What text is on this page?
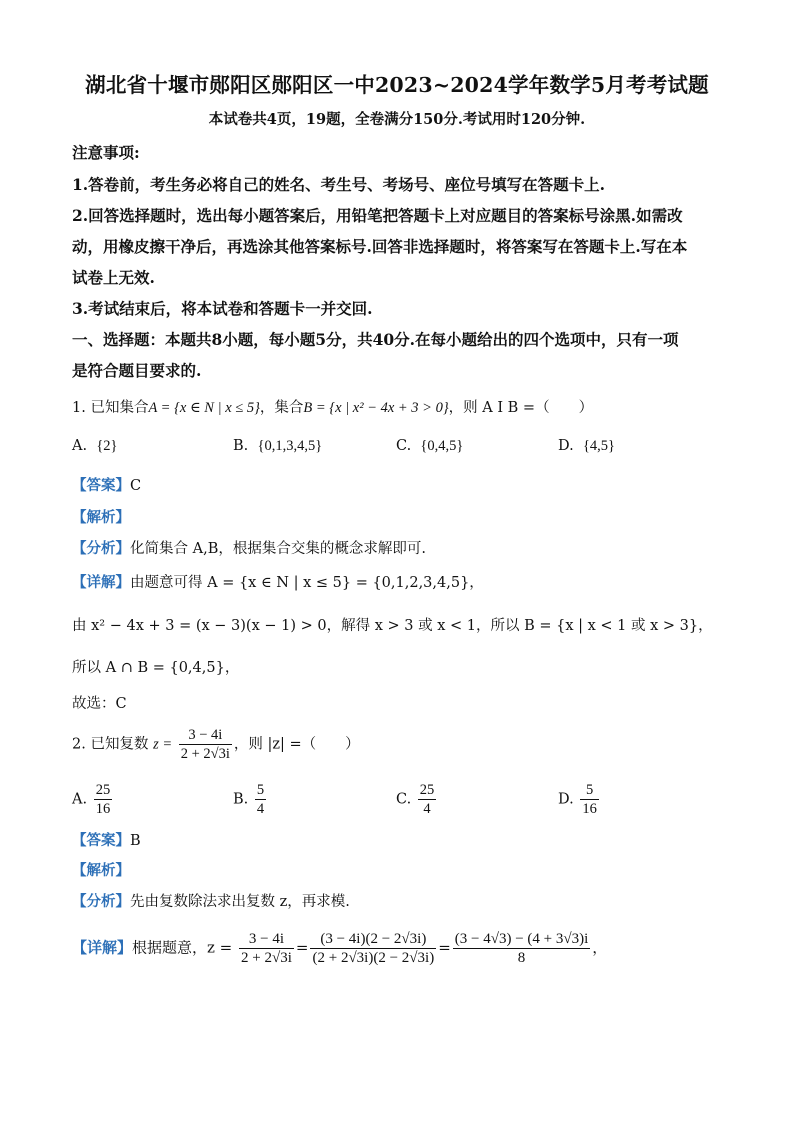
湖北省十堰市郧阳区郧阳区一中2023~2024学年数学5月考考试题
本试卷共4页，19题，全卷满分150分.考试用时120分钟.
注意事项:
1.答卷前，考生务必将自己的姓名、考生号、考场号、座位号填写在答题卡上.
2.回答选择题时，选出每小题答案后，用铅笔把答题卡上对应题目的答案标号涂黑.如需改
动，用橡皮擦干净后，再选涂其他答案标号.回答非选择题时，将答案写在答题卡上.写在本
试卷上无效.
3.考试结束后，将本试卷和答题卡一并交回.
一、选择题：本题共8小题，每小题5分，共40分.在每小题给出的四个选项中，只有一项
是符合题目要求的.
1. 已知集合A = {x ∈ N | x ≤ 5}，集合B = {x | x² − 4x + 3 > 0}，则 A I B =（　　）
A. {2}	B. {0,1,3,4,5}	C. {0,4,5}	D. {4,5}
【答案】C
【解析】
【分析】化简集合 A,B，根据集合交集的概念求解即可.
【详解】由题意可得 A = {x ∈ N | x ≤ 5} = {0,1,2,3,4,5}，
由 x² − 4x + 3 = (x − 3)(x − 1) > 0，解得 x > 3 或 x < 1，所以 B = {x | x < 1 或 x > 3}，
所以 A ∩ B = {0,4,5}，
故选：C
2. 已知复数 $z = \frac{3 - 4i}{2 + 2√3i}$ ，则 |z| =（　　）
A. $\frac{25}{16}$	B. $\frac{5}{4}$	C. $\frac{25}{4}$	D. $\frac{5}{16}$
【答案】B
【解析】
【分析】先由复数除法求出复数 z，再求模.
【详解】根据题意，$z = \frac{3 - 4i}{2 + 2√3i} = \frac{(3 - 4i)(2 - 2√3i)}{(2 + 2√3i)(2 - 2√3i)} = \frac{(3 - 4√3) - (4 + 3√3)i}{8}$ ，
